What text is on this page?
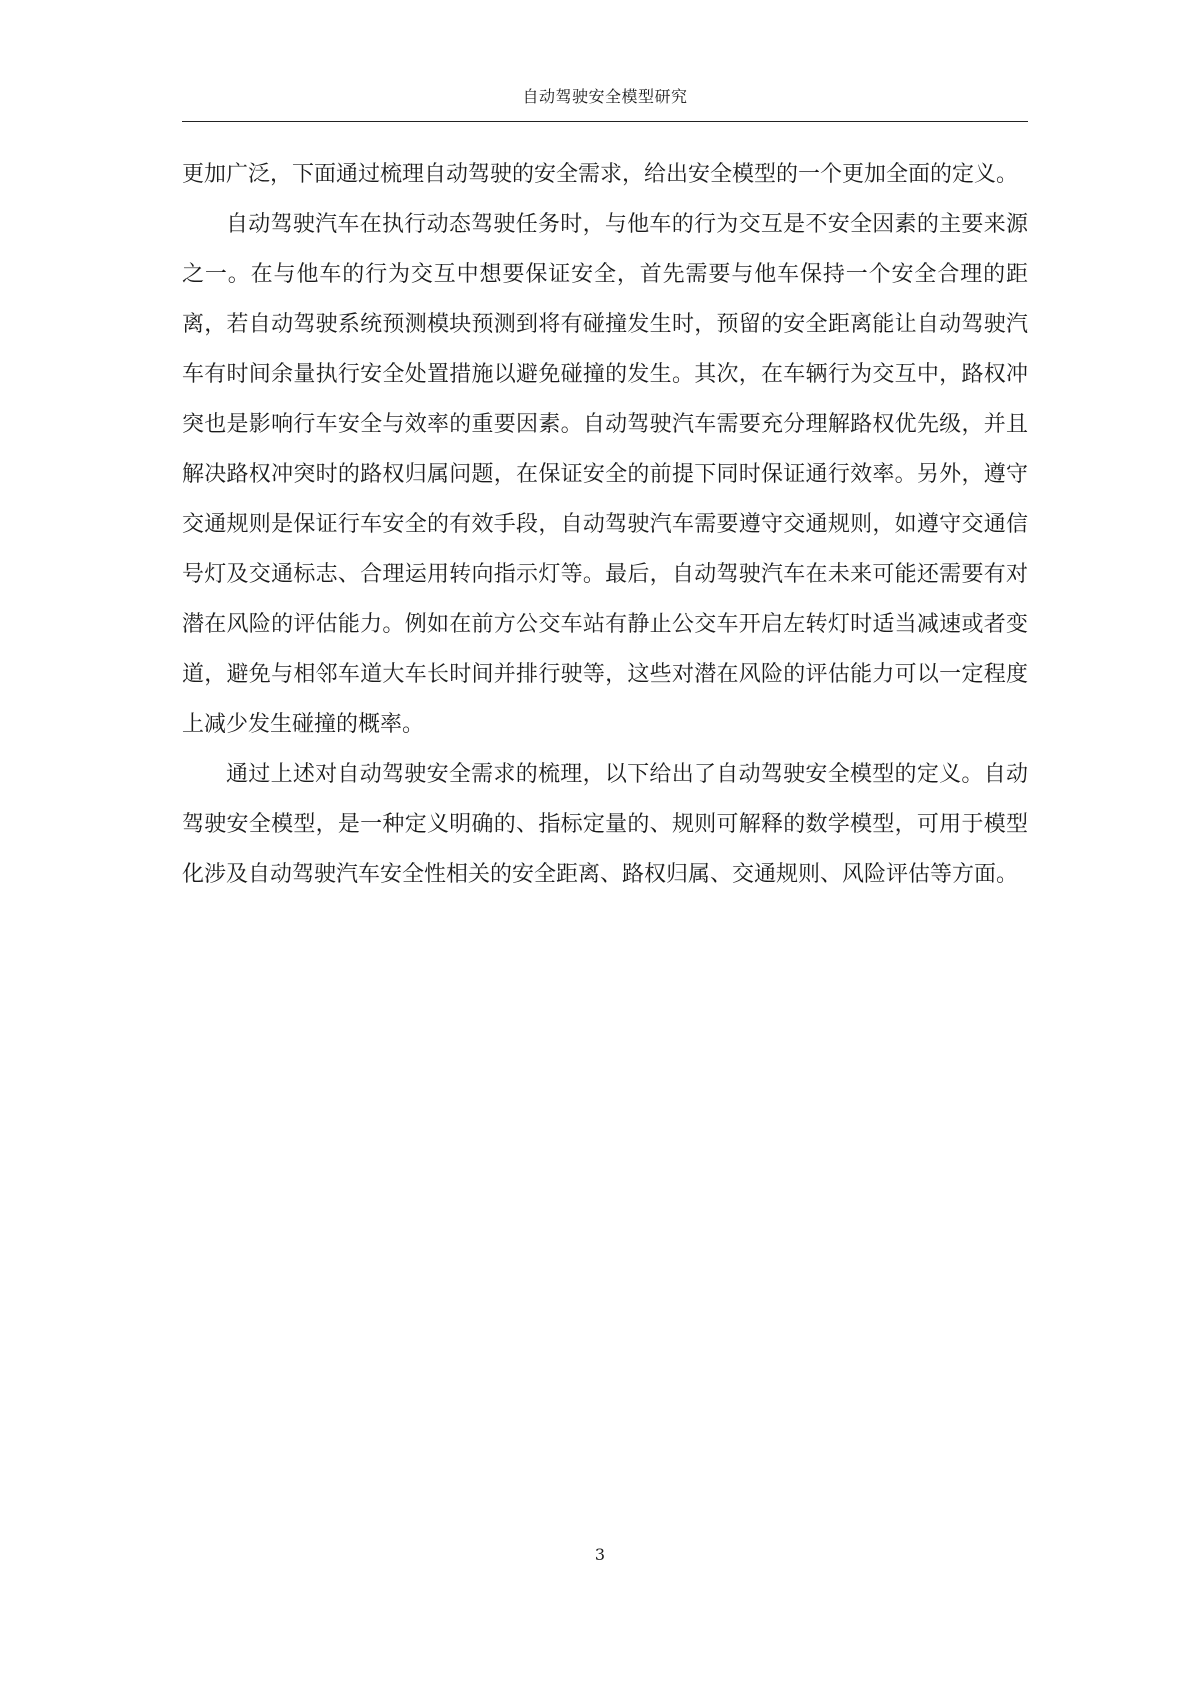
自动驾驶安全模型研究

更加广泛，下面通过梳理自动驾驶的安全需求，给出安全模型的一个更加全面的定义。

自动驾驶汽车在执行动态驾驶任务时，与他车的行为交互是不安全因素的主要来源之一。在与他车的行为交互中想要保证安全，首先需要与他车保持一个安全合理的距离，若自动驾驶系统预测模块预测到将有碰撞发生时，预留的安全距离能让自动驾驶汽车有时间余量执行安全处置措施以避免碰撞的发生。其次，在车辆行为交互中，路权冲突也是影响行车安全与效率的重要因素。自动驾驶汽车需要充分理解路权优先级，并且解决路权冲突时的路权归属问题，在保证安全的前提下同时保证通行效率。另外，遵守交通规则是保证行车安全的有效手段，自动驾驶汽车需要遵守交通规则，如遵守交通信号灯及交通标志、合理运用转向指示灯等。最后，自动驾驶汽车在未来可能还需要有对潜在风险的评估能力。例如在前方公交车站有静止公交车开启左转灯时适当减速或者变道，避免与相邻车道大车长时间并排行驶等，这些对潜在风险的评估能力可以一定程度上减少发生碰撞的概率。

通过上述对自动驾驶安全需求的梳理，以下给出了自动驾驶安全模型的定义。自动驾驶安全模型，是一种定义明确的、指标定量的、规则可解释的数学模型，可用于模型化涉及自动驾驶汽车安全性相关的安全距离、路权归属、交通规则、风险评估等方面。

3
